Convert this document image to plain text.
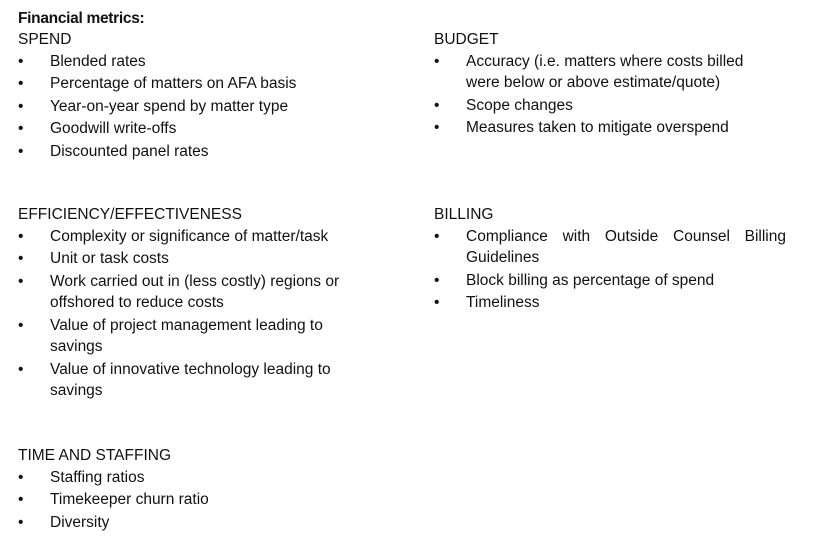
Financial metrics:
SPEND
•	Blended rates
•	Percentage of matters on AFA basis
•	Year-on-year spend by matter type
•	Goodwill write-offs
•	Discounted panel rates
BUDGET
•	Accuracy (i.e. matters where costs billed were below or above estimate/quote)
•	Scope changes
•	Measures taken to mitigate overspend
EFFICIENCY/EFFECTIVENESS
•	Complexity or significance of matter/task
•	Unit or task costs
•	Work carried out in (less costly) regions or offshored to reduce costs
•	Value of project management leading to savings
•	Value of innovative technology leading to savings
BILLING
•	Compliance with Outside Counsel Billing Guidelines
•	Block billing as percentage of spend
•	Timeliness
TIME AND STAFFING
•	Staffing ratios
•	Timekeeper churn ratio
•	Diversity
